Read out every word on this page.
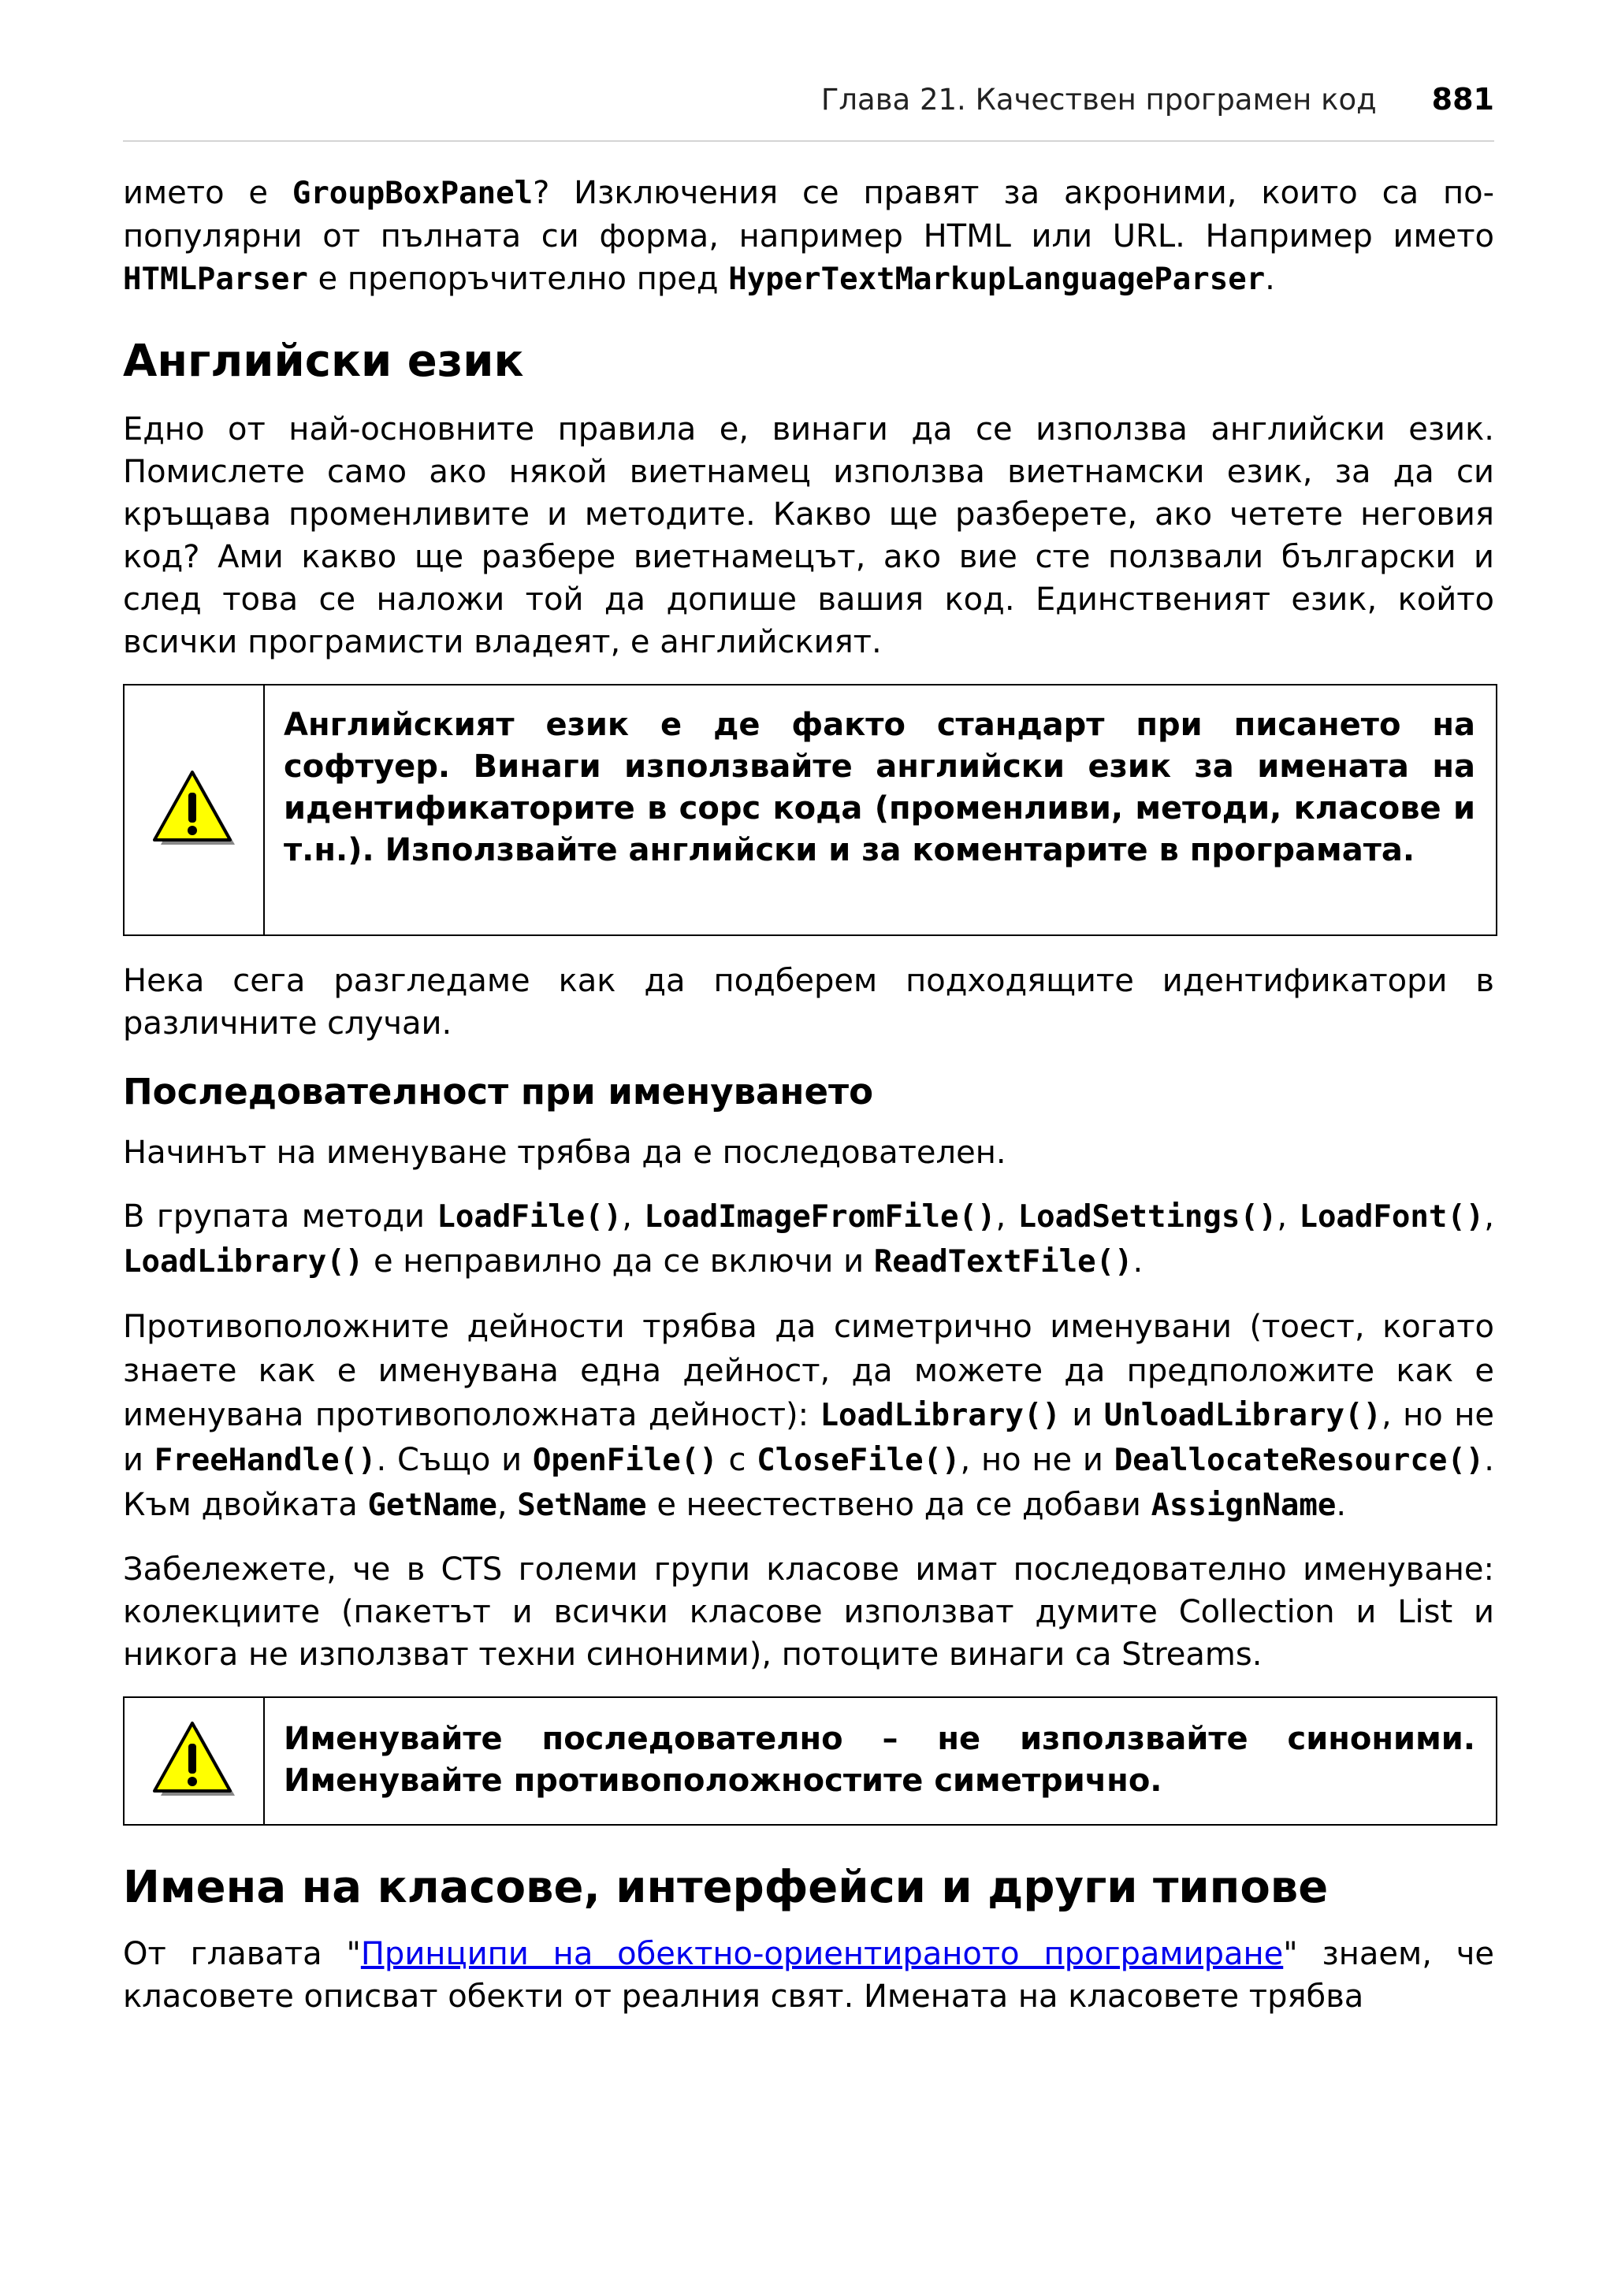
Глава 21. Качествен програмен код 881

името е GroupBoxPanel? Изключения се правят за акроними, които са по-популярни от пълната си форма, например HTML или URL. Например името HTMLParser е препоръчително пред HyperTextMarkupLanguageParser.

Английски език

Едно от най-основните правила е, винаги да се използва английски език. Помислете само ако някой виетнамец използва виетнамски език, за да си кръщава променливите и методите. Какво ще разберете, ако четете неговия код? Ами какво ще разбере виетнамецът, ако вие сте ползвали български и след това се наложи той да допише вашия код. Единственият език, който всички програмисти владеят, е английският.

Английският език е де факто стандарт при писането на софтуер. Винаги използвайте английски език за имената на идентификаторите в сорс кода (променливи, методи, класове и т.н.). Използвайте английски и за коментарите в програмата.

Нека сега разгледаме как да подберем подходящите идентификатори в различните случаи.

Последователност при именуването

Начинът на именуване трябва да е последователен.

В групата методи LoadFile(), LoadImageFromFile(), LoadSettings(), LoadFont(), LoadLibrary() е неправилно да се включи и ReadTextFile().

Противоположните дейности трябва да симетрично именувани (тоест, когато знаете как е именувана една дейност, да можете да предположите как е именувана противоположната дейност): LoadLibrary() и UnloadLibrary(), но не и FreeHandle(). Също и OpenFile() с CloseFile(), но не и DeallocateResource(). Към двойката GetName, SetName е неестествено да се добави AssignName.

Забележете, че в CTS големи групи класове имат последователно именуване: колекциите (пакетът и всички класове използват думите Collection и List и никога не използват техни синоними), потоците винаги са Streams.

Именувайте последователно – не използвайте синоними. Именувайте противоположностите симетрично.
Имена на класове, интерфейси и други типове

От главата "Принципи на обектно-ориентираното програмиране" знаем, че класовете описват обекти от реалния свят. Имената на класовете трябва
